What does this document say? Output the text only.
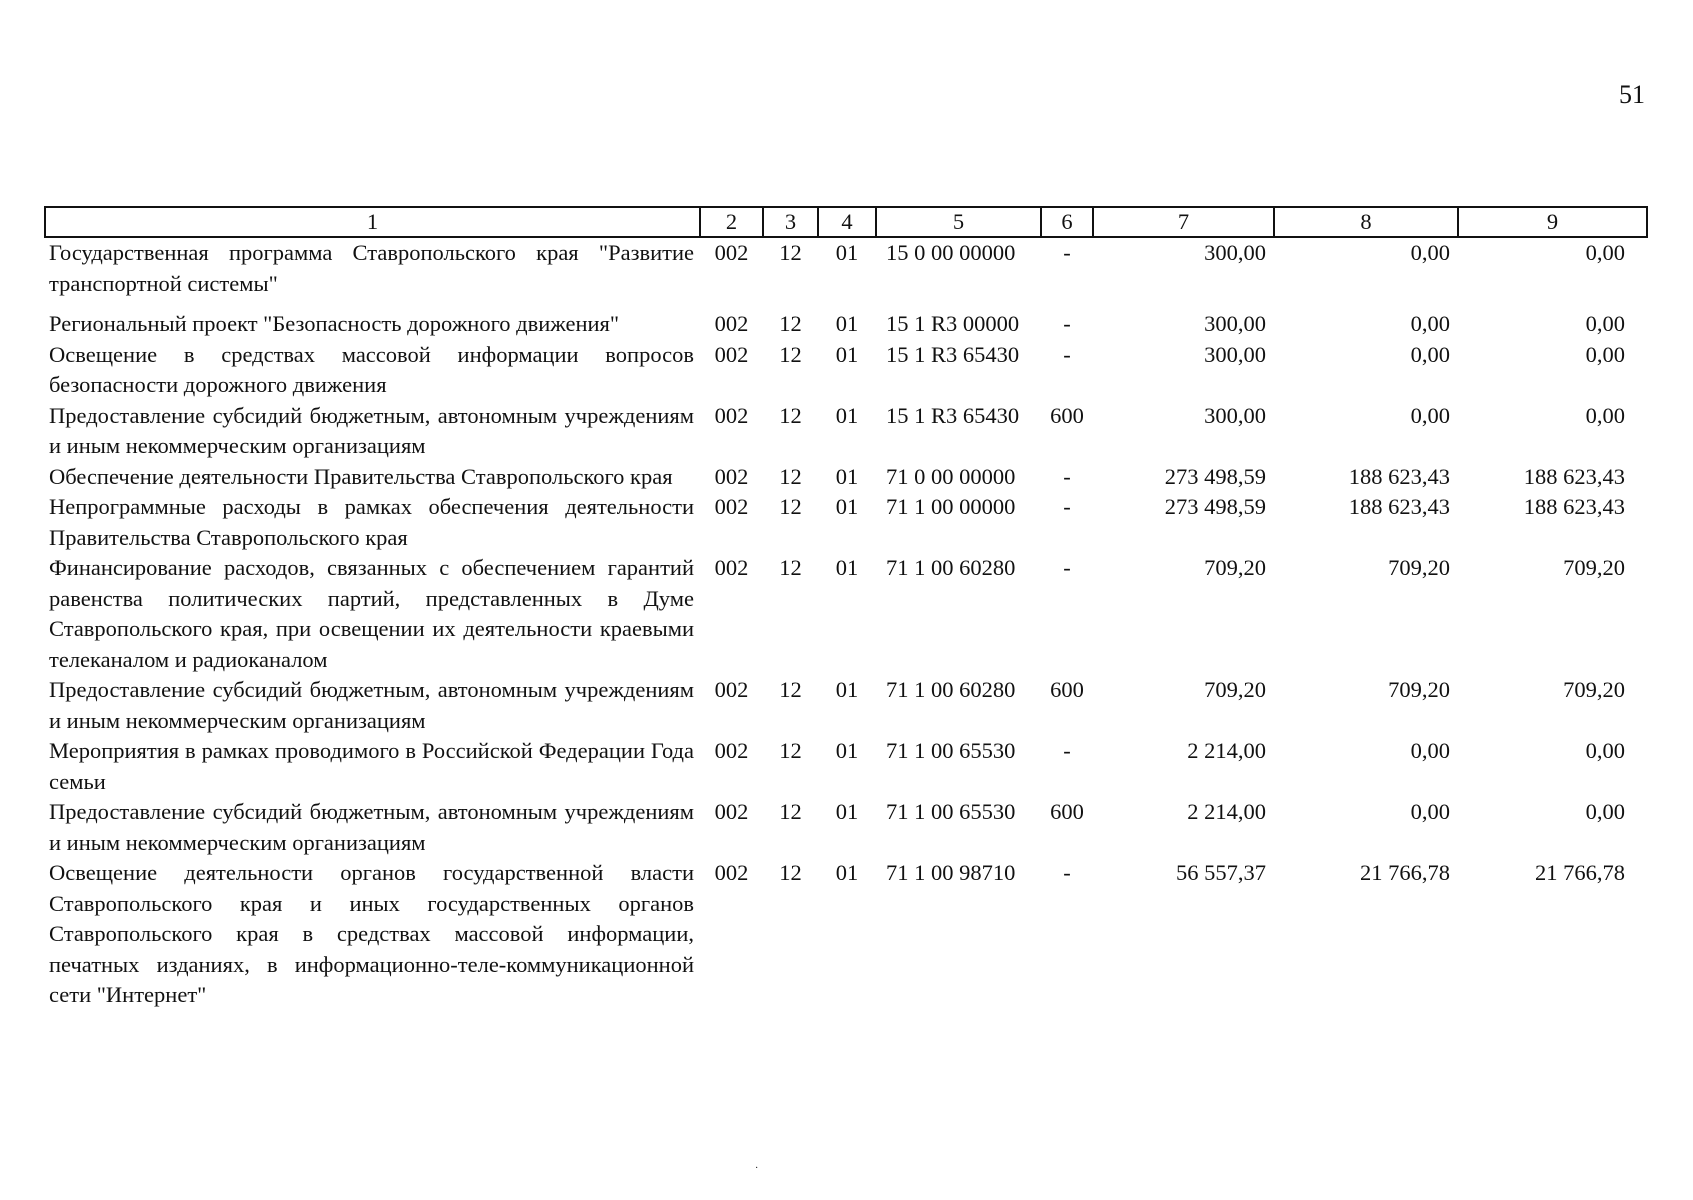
51
1	2	3	4	5	6	7	8	9
Государственная программа Ставропольского края "Развитие транспортной системы"	002	12	01	15 0 00 00000	-	300,00	0,00	0,00
Региональный проект "Безопасность дорожного движения"	002	12	01	15 1 R3 00000	-	300,00	0,00	0,00
Освещение в средствах массовой информации вопросов безопасности дорожного движения	002	12	01	15 1 R3 65430	-	300,00	0,00	0,00
Предоставление субсидий бюджетным, автономным учреждениям и иным некоммерческим организациям	002	12	01	15 1 R3 65430	600	300,00	0,00	0,00
Обеспечение деятельности Правительства Ставропольского края	002	12	01	71 0 00 00000	-	273 498,59	188 623,43	188 623,43
Непрограммные расходы в рамках обеспечения деятельности Правительства Ставропольского края	002	12	01	71 1 00 00000	-	273 498,59	188 623,43	188 623,43
Финансирование расходов, связанных с обеспечением гарантий равенства политических партий, представленных в Думе Ставропольского края, при освещении их деятельности краевыми телеканалом и радиоканалом	002	12	01	71 1 00 60280	-	709,20	709,20	709,20
Предоставление субсидий бюджетным, автономным учреждениям и иным некоммерческим организациям	002	12	01	71 1 00 60280	600	709,20	709,20	709,20
Мероприятия в рамках проводимого в Российской Федерации Года семьи	002	12	01	71 1 00 65530	-	2 214,00	0,00	0,00
Предоставление субсидий бюджетным, автономным учреждениям и иным некоммерческим организациям	002	12	01	71 1 00 65530	600	2 214,00	0,00	0,00
Освещение деятельности органов государственной власти Ставропольского края и иных государственных органов Ставропольского края в средствах массовой информации, печатных изданиях, в информационно-теле-коммуникационной сети "Интернет"	002	12	01	71 1 00 98710	-	56 557,37	21 766,78	21 766,78
·
